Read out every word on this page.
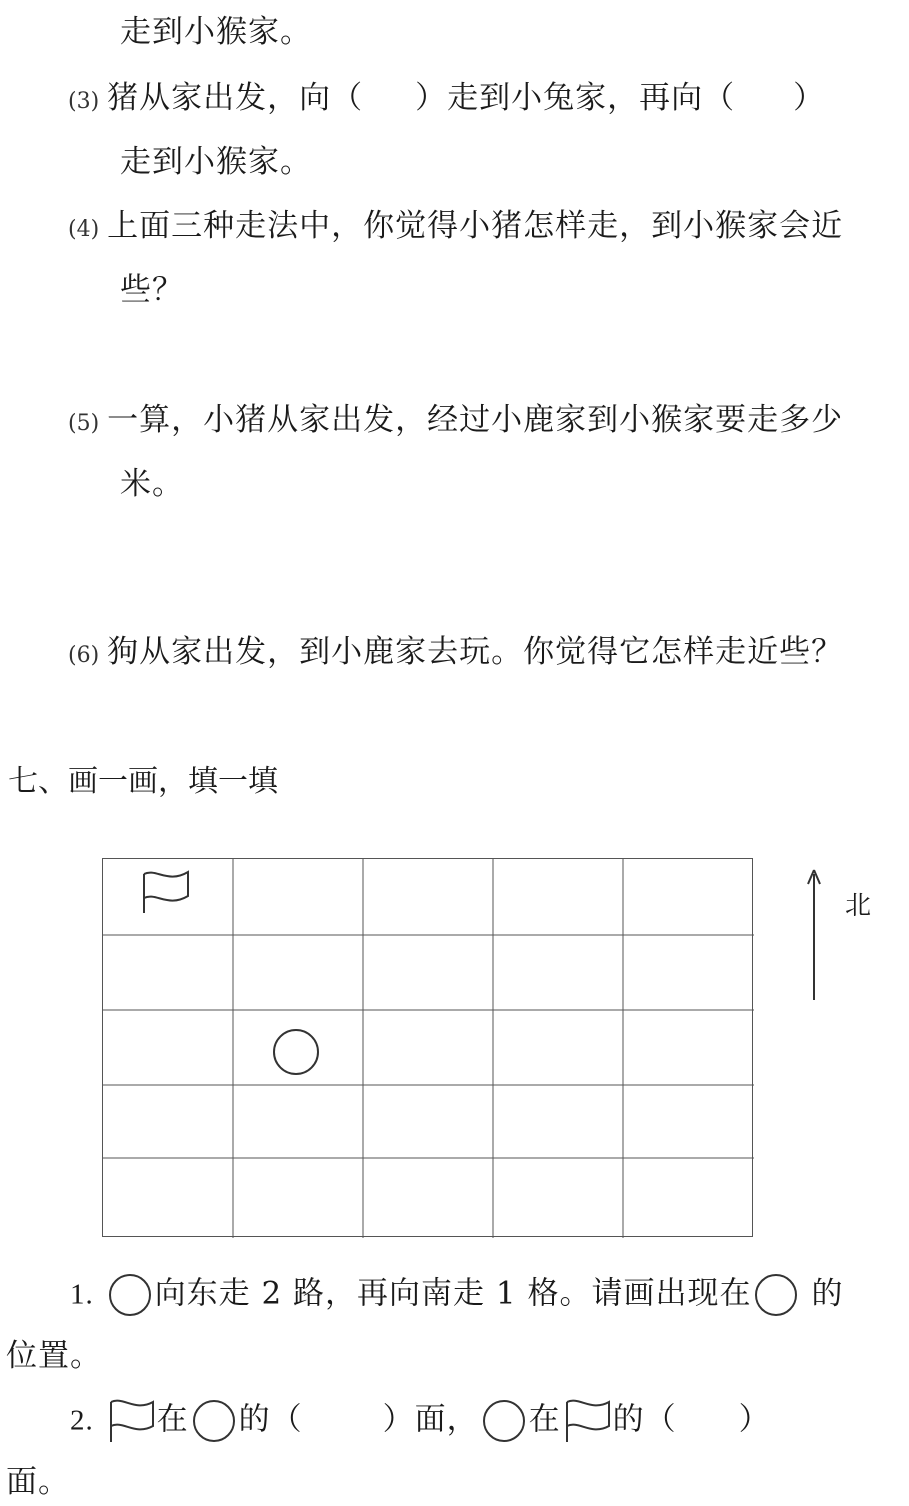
走到小猴家。
(3) 猪从家出发，向（ ）走到小兔家，再向（ ）
走到小猴家。
(4) 上面三种走法中，你觉得小猪怎样走，到小猴家会近
些？
(5) 一算，小猪从家出发，经过小鹿家到小猴家要走多少
米。
(6) 狗从家出发，到小鹿家去玩。你觉得它怎样走近些？
七、画一画，填一填
北
1. 向东走 2 路，再向南走 1 格。请画出现在 的
位置。
2. 在 的（	）面， 在 的（ ）
面。
